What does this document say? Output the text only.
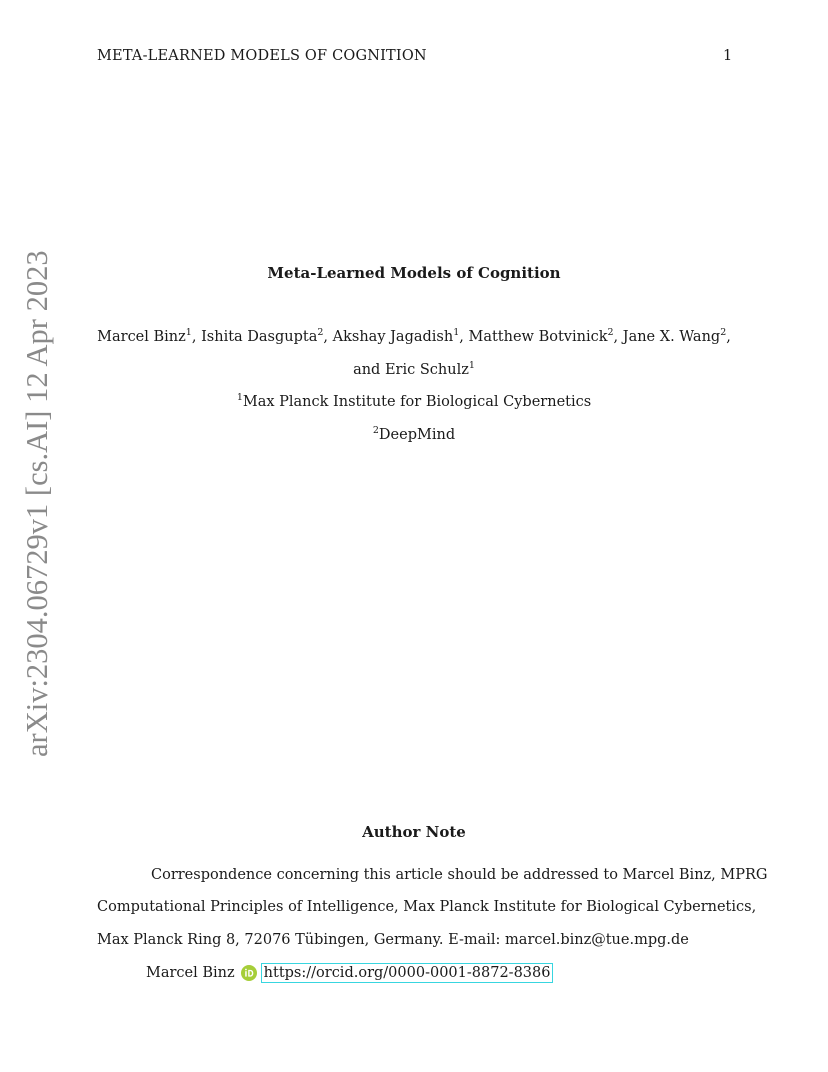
META-LEARNED MODELS OF COGNITION	1
arXiv:2304.06729v1 [cs.AI] 12 Apr 2023	Meta-Learned Models of Cognition
Marcel Binz$^1$, Ishita Dasgupta$^2$, Akshay Jagadish$^1$, Matthew Botvinick$^2$, Jane X. Wang$^2$,
and Eric Schulz$^1$
$^1$Max Planck Institute for Biological Cybernetics
$^2$DeepMind
Author Note
Correspondence concerning this article should be addressed to Marcel Binz, MPRG
Computational Principles of Intelligence, Max Planck Institute for Biological Cybernetics,
Max Planck Ring 8, 72076 Tübingen, Germany. E-mail: marcel.binz@tue.mpg.de
Marcel Binz https://orcid.org/0000-0001-8872-8386
